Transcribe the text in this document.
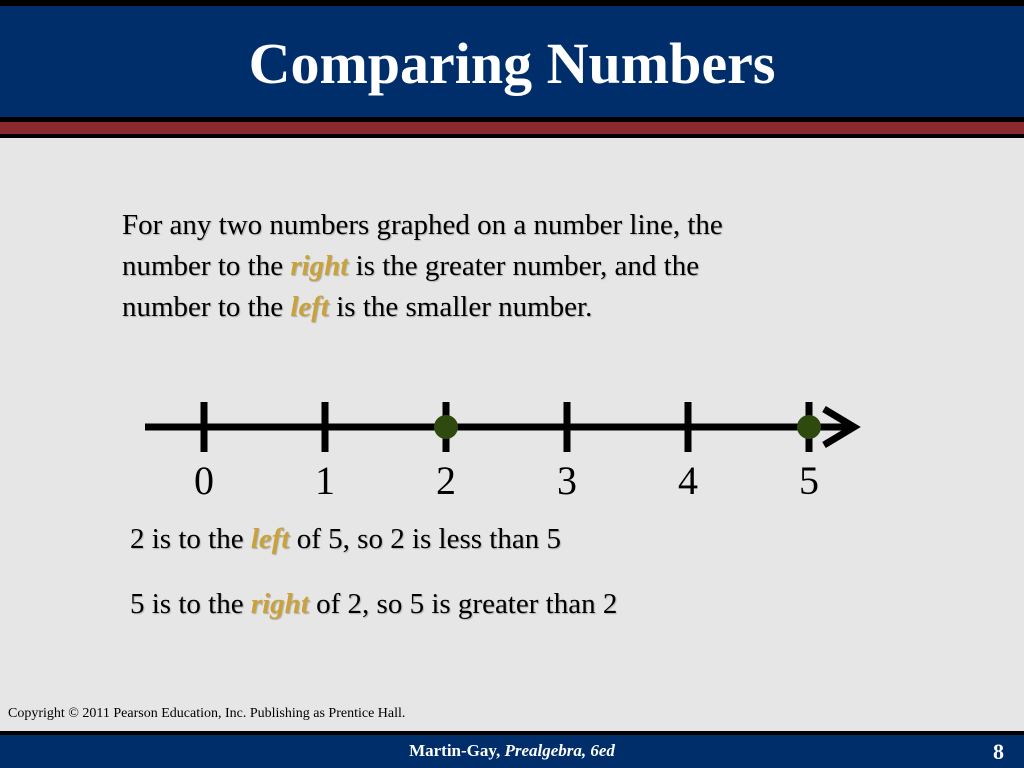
Comparing Numbers
For any two numbers graphed on a number line, the
number to the right is the greater number, and the
number to the left is the smaller number.
0	1	2	3	4	5
2 is to the left of 5, so 2 is less than 5
5 is to the right of 2, so 5 is greater than 2
Copyright © 2011 Pearson Education, Inc. Publishing as Prentice Hall.
Martin-Gay, Prealgebra, 6ed	8
